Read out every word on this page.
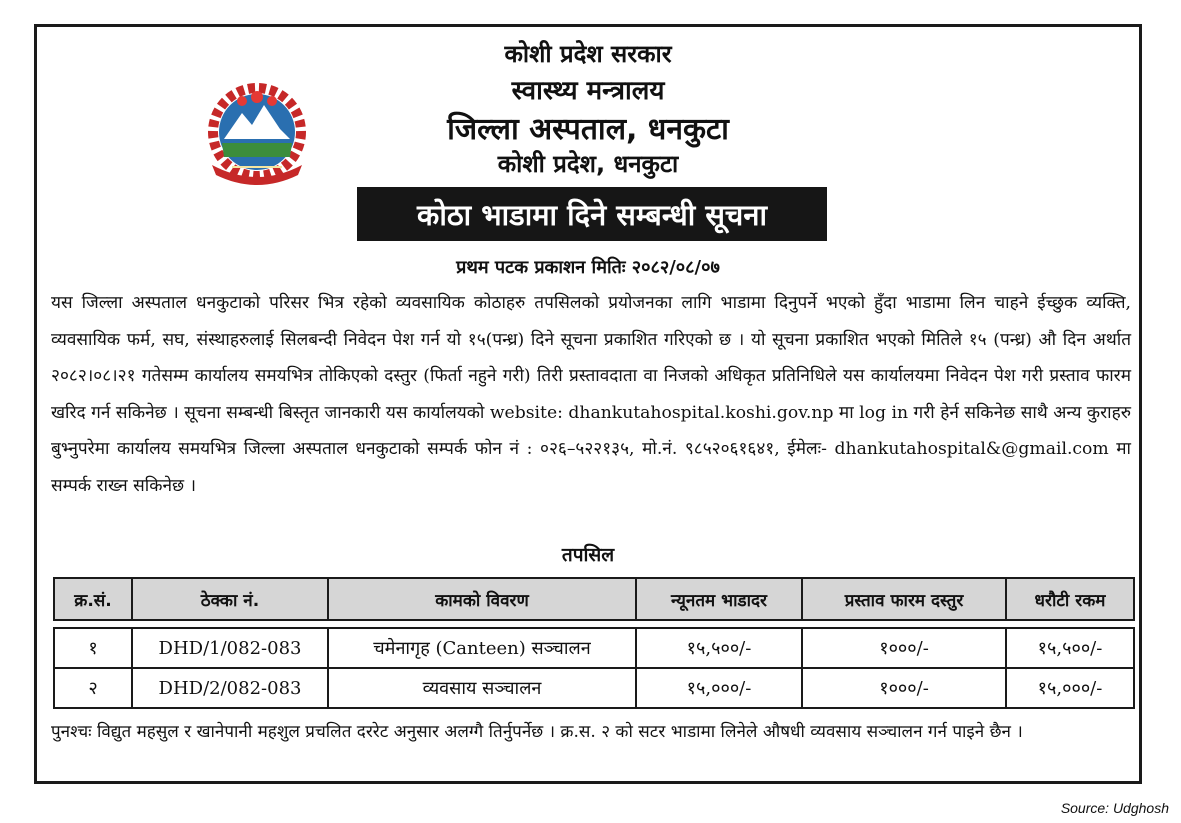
कोशी प्रदेश सरकार
स्वास्थ्य मन्त्रालय
जिल्ला अस्पताल, धनकुटा
कोशी प्रदेश, धनकुटा
कोठा भाडामा दिने सम्बन्धी सूचना
प्रथम पटक प्रकाशन मितिः २०८२/०८/०७
यस जिल्ला अस्पताल धनकुटाको परिसर भित्र रहेको व्यवसायिक कोठाहरु तपसिलको प्रयोजनका लागि भाडामा दिनुपर्ने भएको हुँदा भाडामा लिन चाहने ईच्छुक व्यक्ति, व्यवसायिक फर्म, सघ, संस्थाहरुलाई सिलबन्दी निवेदन पेश गर्न यो १५(पन्ध्र) दिने सूचना प्रकाशित गरिएको छ । यो सूचना प्रकाशित भएको मितिले १५ (पन्ध्र) औ दिन अर्थात २०८२।०८।२१ गतेसम्म कार्यालय समयभित्र तोकिएको दस्तुर (फिर्ता नहुने गरी) तिरी प्रस्तावदाता वा निजको अधिकृत प्रतिनिधिले यस कार्यालयमा निवेदन पेश गरी प्रस्ताव फारम खरिद गर्न सकिनेछ । सूचना सम्बन्धी बिस्तृत जानकारी यस कार्यालयको website: dhankutahospital.koshi.gov.np मा log in गरी हेर्न सकिनेछ साथै अन्य कुराहरु बुभ्नुपरेमा कार्यालय समयभित्र जिल्ला अस्पताल धनकुटाको सम्पर्क फोन नं : ०२६–५२२१३५, मो.नं. ९८५२०६१६४१, ईमेलः- dhankutahospital&@gmail.com मा सम्पर्क राख्न सकिनेछ ।
तपसिल
क्र.सं.	ठेक्का नं.	कामको विवरण	न्यूनतम भाडादर	प्रस्ताव फारम दस्तुर	धरौटी रकम

१	DHD/1/082-083	चमेनागृह (Canteen) सञ्चालन	१५,५००/-	१०००/-	१५,५००/-
२	DHD/2/082-083	व्यवसाय सञ्चालन	१५,०००/-	१०००/-	१५,०००/-
पुनश्चः विद्युत महसुल र खानेपानी महशुल प्रचलित दररेट अनुसार अलग्गै तिर्नुपर्नेछ । क्र.स. २ को सटर भाडामा लिनेले औषधी व्यवसाय सञ्चालन गर्न पाइने छैन ।
Source: Udghosh
